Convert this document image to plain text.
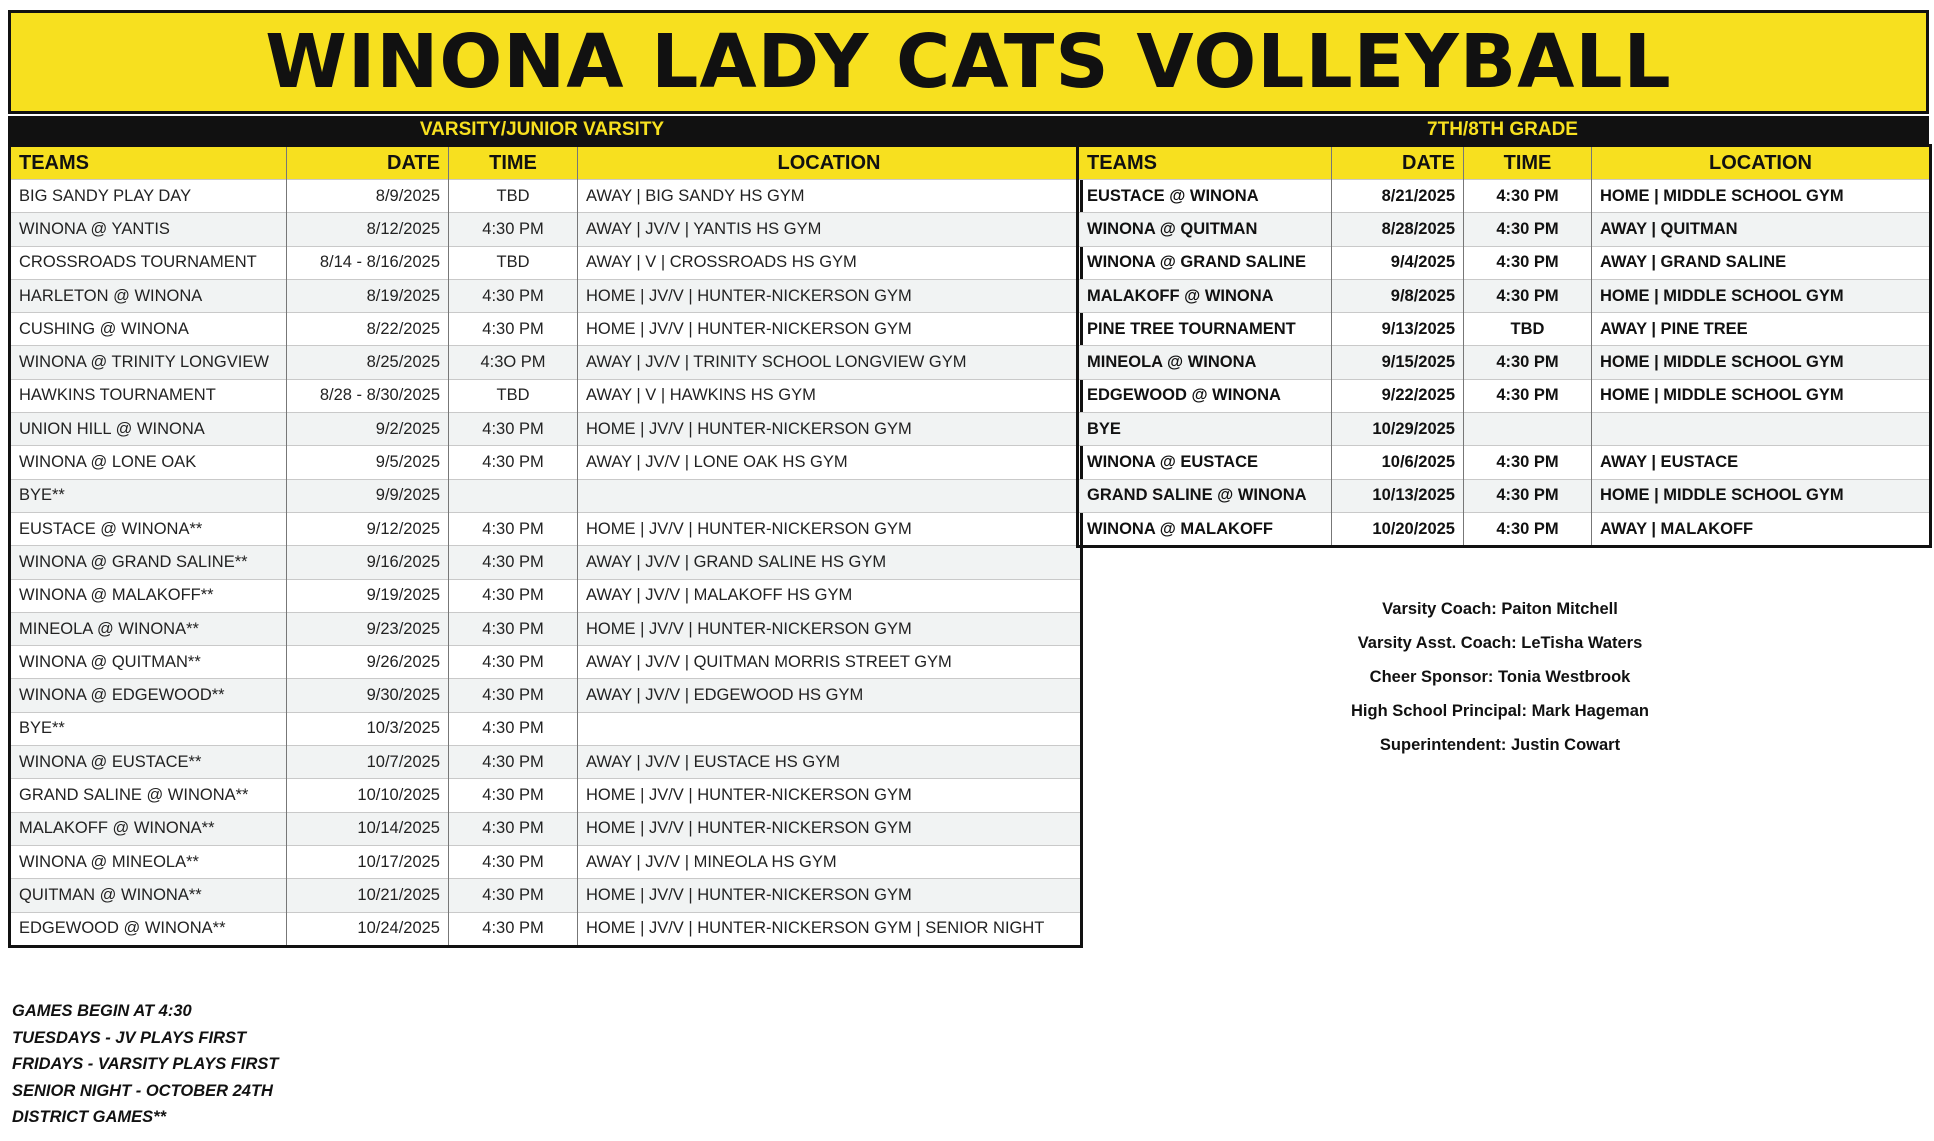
WINONA LADY CATS VOLLEYBALL
VARSITY/JUNIOR VARSITY	7TH/8TH GRADE
TEAMS	DATE	TIME	LOCATION
BIG SANDY PLAY DAY	8/9/2025	TBD	AWAY | BIG SANDY HS GYM
WINONA @ YANTIS	8/12/2025	4:30 PM	AWAY | JV/V | YANTIS HS GYM
CROSSROADS TOURNAMENT	8/14 - 8/16/2025	TBD	AWAY | V | CROSSROADS HS GYM
HARLETON @ WINONA	8/19/2025	4:30 PM	HOME | JV/V | HUNTER-NICKERSON GYM
CUSHING @ WINONA	8/22/2025	4:30 PM	HOME | JV/V | HUNTER-NICKERSON GYM
WINONA @ TRINITY LONGVIEW	8/25/2025	4:3O PM	AWAY | JV/V | TRINITY SCHOOL LONGVIEW GYM
HAWKINS TOURNAMENT	8/28 - 8/30/2025	TBD	AWAY | V | HAWKINS HS GYM
UNION HILL @ WINONA	9/2/2025	4:30 PM	HOME | JV/V | HUNTER-NICKERSON GYM
WINONA @ LONE OAK	9/5/2025	4:30 PM	AWAY | JV/V | LONE OAK HS GYM
BYE**	9/9/2025		
EUSTACE @ WINONA**	9/12/2025	4:30 PM	HOME | JV/V | HUNTER-NICKERSON GYM
WINONA @ GRAND SALINE**	9/16/2025	4:30 PM	AWAY | JV/V | GRAND SALINE HS GYM
WINONA @ MALAKOFF**	9/19/2025	4:30 PM	AWAY | JV/V | MALAKOFF HS GYM
MINEOLA @ WINONA**	9/23/2025	4:30 PM	HOME | JV/V | HUNTER-NICKERSON GYM
WINONA @ QUITMAN**	9/26/2025	4:30 PM	AWAY | JV/V | QUITMAN MORRIS STREET GYM
WINONA @ EDGEWOOD**	9/30/2025	4:30 PM	AWAY | JV/V | EDGEWOOD HS GYM
BYE**	10/3/2025	4:30 PM	
WINONA @ EUSTACE**	10/7/2025	4:30 PM	AWAY | JV/V | EUSTACE HS GYM
GRAND SALINE @ WINONA**	10/10/2025	4:30 PM	HOME | JV/V | HUNTER-NICKERSON GYM
MALAKOFF @ WINONA**	10/14/2025	4:30 PM	HOME | JV/V | HUNTER-NICKERSON GYM
WINONA @ MINEOLA**	10/17/2025	4:30 PM	AWAY | JV/V | MINEOLA HS GYM
QUITMAN @ WINONA**	10/21/2025	4:30 PM	HOME | JV/V | HUNTER-NICKERSON GYM
EDGEWOOD @ WINONA**	10/24/2025	4:30 PM	HOME | JV/V | HUNTER-NICKERSON GYM | SENIOR NIGHT
TEAMS	DATE	TIME	LOCATION
EUSTACE @ WINONA	8/21/2025	4:30 PM	HOME | MIDDLE SCHOOL GYM
WINONA @ QUITMAN	8/28/2025	4:30 PM	AWAY | QUITMAN
WINONA @ GRAND SALINE	9/4/2025	4:30 PM	AWAY | GRAND SALINE
MALAKOFF @ WINONA	9/8/2025	4:30 PM	HOME | MIDDLE SCHOOL GYM
PINE TREE TOURNAMENT	9/13/2025	TBD	AWAY | PINE TREE
MINEOLA @ WINONA	9/15/2025	4:30 PM	HOME | MIDDLE SCHOOL GYM
EDGEWOOD @ WINONA	9/22/2025	4:30 PM	HOME | MIDDLE SCHOOL GYM
BYE	10/29/2025		
WINONA @ EUSTACE	10/6/2025	4:30 PM	AWAY | EUSTACE
GRAND SALINE @ WINONA	10/13/2025	4:30 PM	HOME | MIDDLE SCHOOL GYM
WINONA @ MALAKOFF	10/20/2025	4:30 PM	AWAY | MALAKOFF

Varsity Coach: Paiton Mitchell

Varsity Asst. Coach: LeTisha Waters

Cheer Sponsor: Tonia Westbrook

High School Principal: Mark Hageman

Superintendent: Justin Cowart

GAMES BEGIN AT 4:30

TUESDAYS - JV PLAYS FIRST

FRIDAYS - VARSITY PLAYS FIRST

SENIOR NIGHT - OCTOBER 24TH

DISTRICT GAMES**
